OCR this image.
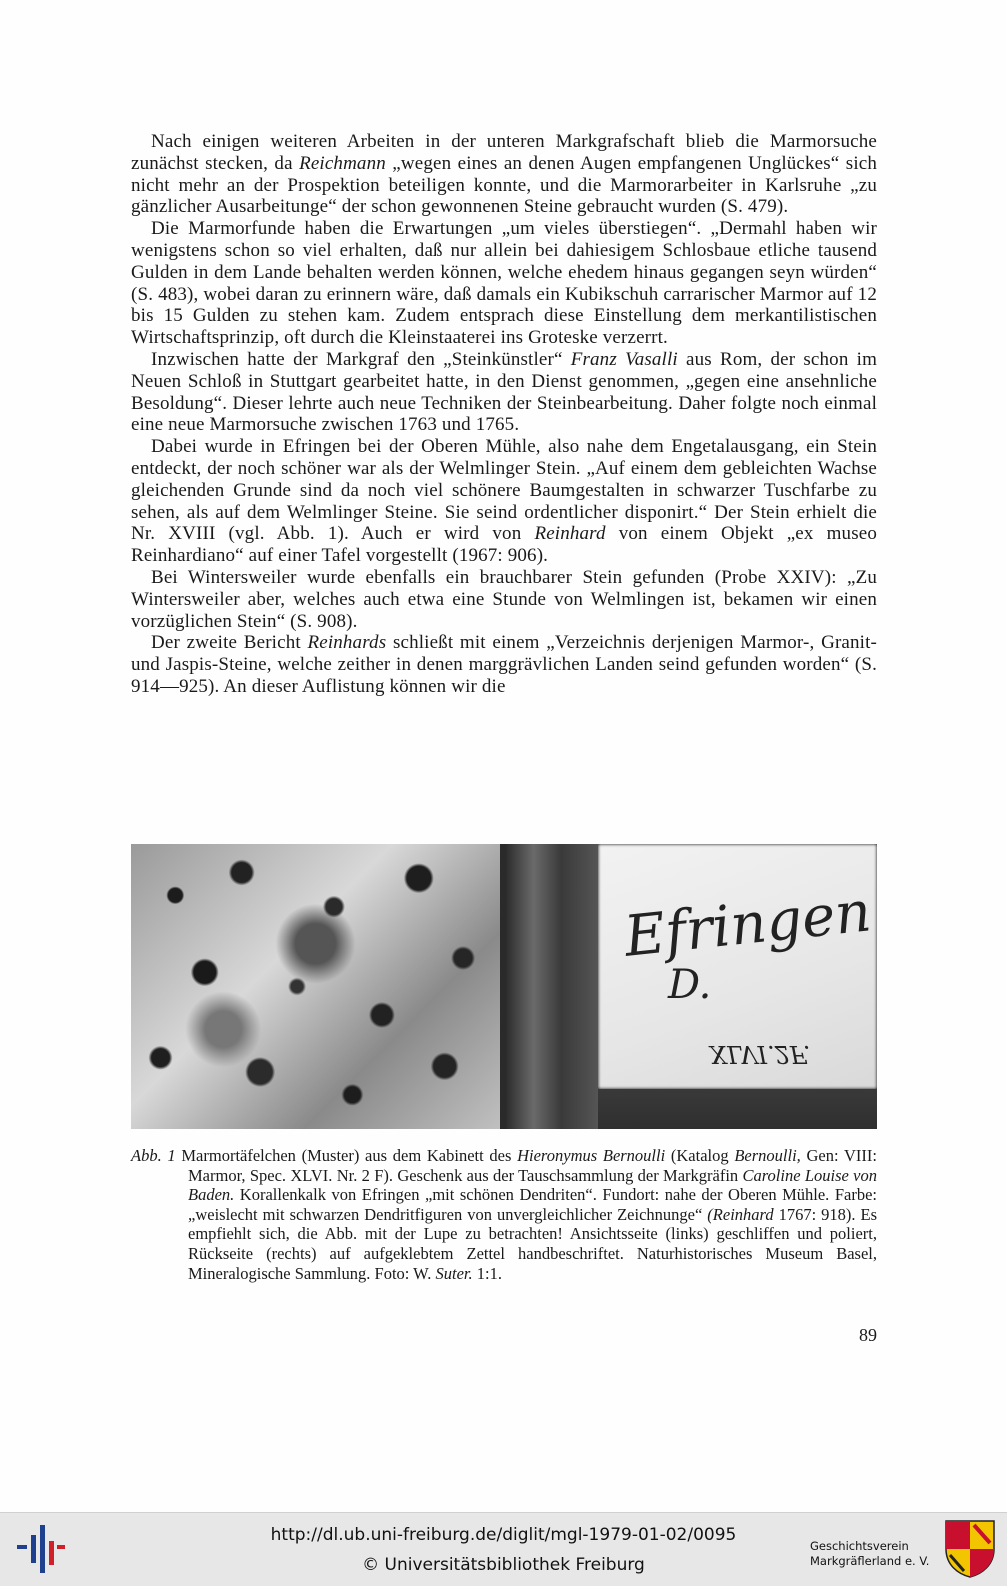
Nach einigen weiteren Arbeiten in der unteren Markgrafschaft blieb die Marmorsuche zunächst stecken, da Reichmann „wegen eines an denen Augen empfangenen Unglückes“ sich nicht mehr an der Prospektion beteiligen konnte, und die Marmorarbeiter in Karlsruhe „zu gänzlicher Ausarbeitunge“ der schon gewonnenen Steine gebraucht wurden (S. 479).

Die Marmorfunde haben die Erwartungen „um vieles überstiegen“. „Dermahl haben wir wenigstens schon so viel erhalten, daß nur allein bei dahiesigem Schlosbaue etliche tausend Gulden in dem Lande behalten werden können, welche ehedem hinaus gegangen seyn würden“ (S. 483), wobei daran zu erinnern wäre, daß damals ein Kubikschuh carrarischer Marmor auf 12 bis 15 Gulden zu stehen kam. Zudem entsprach diese Einstellung dem merkantilistischen Wirtschaftsprinzip, oft durch die Kleinstaaterei ins Groteske verzerrt.

Inzwischen hatte der Markgraf den „Steinkünstler“ Franz Vasalli aus Rom, der schon im Neuen Schloß in Stuttgart gearbeitet hatte, in den Dienst genommen, „gegen eine ansehnliche Besoldung“. Dieser lehrte auch neue Techniken der Steinbearbeitung. Daher folgte noch einmal eine neue Marmorsuche zwischen 1763 und 1765.

Dabei wurde in Efringen bei der Oberen Mühle, also nahe dem Engetalausgang, ein Stein entdeckt, der noch schöner war als der Welmlinger Stein. „Auf einem dem gebleichten Wachse gleichenden Grunde sind da noch viel schönere Baumgestalten in schwarzer Tuschfarbe zu sehen, als auf dem Welmlinger Steine. Sie seind ordentlicher disponirt.“ Der Stein erhielt die Nr. XVIII (vgl. Abb. 1). Auch er wird von Reinhard von einem Objekt „ex museo Reinhardiano“ auf einer Tafel vorgestellt (1967: 906).

Bei Wintersweiler wurde ebenfalls ein brauchbarer Stein gefunden (Probe XXIV): „Zu Wintersweiler aber, welches auch etwa eine Stunde von Welmlingen ist, bekamen wir einen vorzüglichen Stein“ (S. 908).

Der zweite Bericht Reinhards schließt mit einem „Verzeichnis derjenigen Marmor-, Granit- und Jaspis-Steine, welche zeither in denen marggrävlichen Landen seind gefunden worden“ (S. 914—925). An dieser Auflistung können wir die

Efringen
D.
XLVI.2F.
Abb. 1 Marmortäfelchen (Muster) aus dem Kabinett des Hieronymus Bernoulli (Katalog Bernoulli, Gen: VIII: Marmor, Spec. XLVI. Nr. 2 F). Geschenk aus der Tauschsammlung der Markgräfin Caroline Louise von Baden. Korallenkalk von Efringen „mit schönen Dendriten“. Fundort: nahe der Oberen Mühle. Farbe: „weislecht mit schwarzen Dendritfiguren von unvergleichlicher Zeichnunge“ (Reinhard 1767: 918). Es empfiehlt sich, die Abb. mit der Lupe zu betrachten! Ansichtsseite (links) geschliffen und poliert, Rückseite (rechts) auf aufgeklebtem Zettel handbeschriftet. Naturhistorisches Museum Basel, Mineralogische Sammlung. Foto: W. Suter. 1:1.
89
http://dl.ub.uni-freiburg.de/diglit/mgl-1979-01-02/0095
© Universitätsbibliothek Freiburg
Geschichtsverein
Markgräflerland e. V.
